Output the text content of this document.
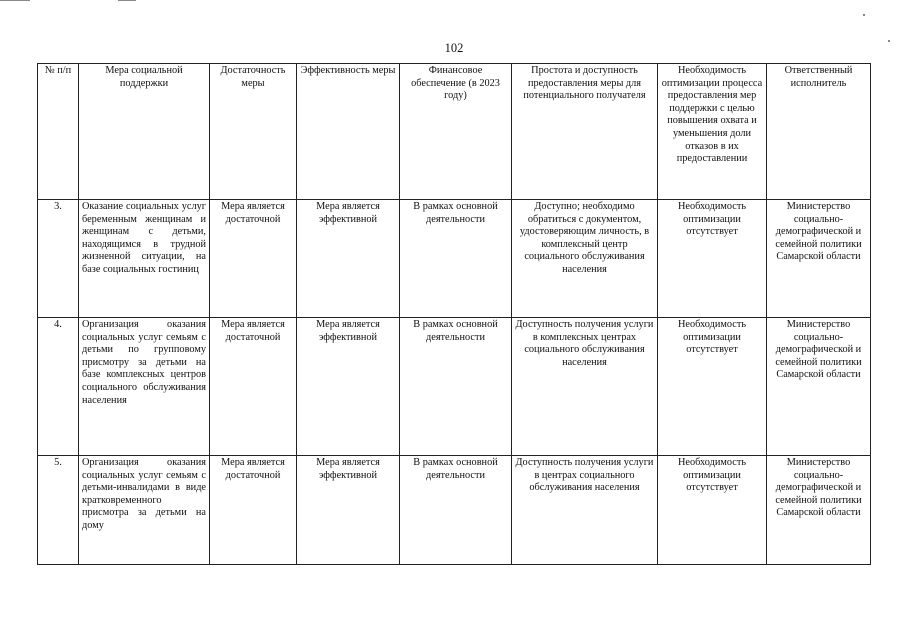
102
№ п/п	Мера социальной поддержки	Достаточность меры	Эффективность меры	Финансовое обеспечение (в 2023 году)	Простота и доступность предоставления меры для потенциального получателя	Необходимость оптимизации процесса предоставления мер поддержки с целью повышения охвата и уменьшения доли отказов в их предоставлении	Ответственный исполнитель
3.	Оказание социальных услуг беременным женщинам и женщинам с детьми, находящимся в трудной жизненной ситуации, на базе социальных гостиниц	Мера является достаточной	Мера является эффективной	В рамках основной деятельности	Доступно; необходимо обратиться с документом, удостоверяющим личность, в комплексный центр социального обслуживания населения	Необходимость оптимизации отсутствует	Министерство социально-демографической и семейной политики Самарской области
4.	Организация оказания социальных услуг семьям с детьми по групповому присмотру за детьми на базе комплексных центров социального обслуживания населения	Мера является достаточной	Мера является эффективной	В рамках основной деятельности	Доступность получения услуги в комплексных центрах социального обслуживания населения	Необходимость оптимизации отсутствует	Министерство социально-демографической и семейной политики Самарской области
5.	Организация оказания социальных услуг семьям с детьми-инвалидами в виде кратковременного присмотра за детьми на дому	Мера является достаточной	Мера является эффективной	В рамках основной деятельности	Доступность получения услуги в центрах социального обслуживания населения	Необходимость оптимизации отсутствует	Министерство социально-демографической и семейной политики Самарской области
